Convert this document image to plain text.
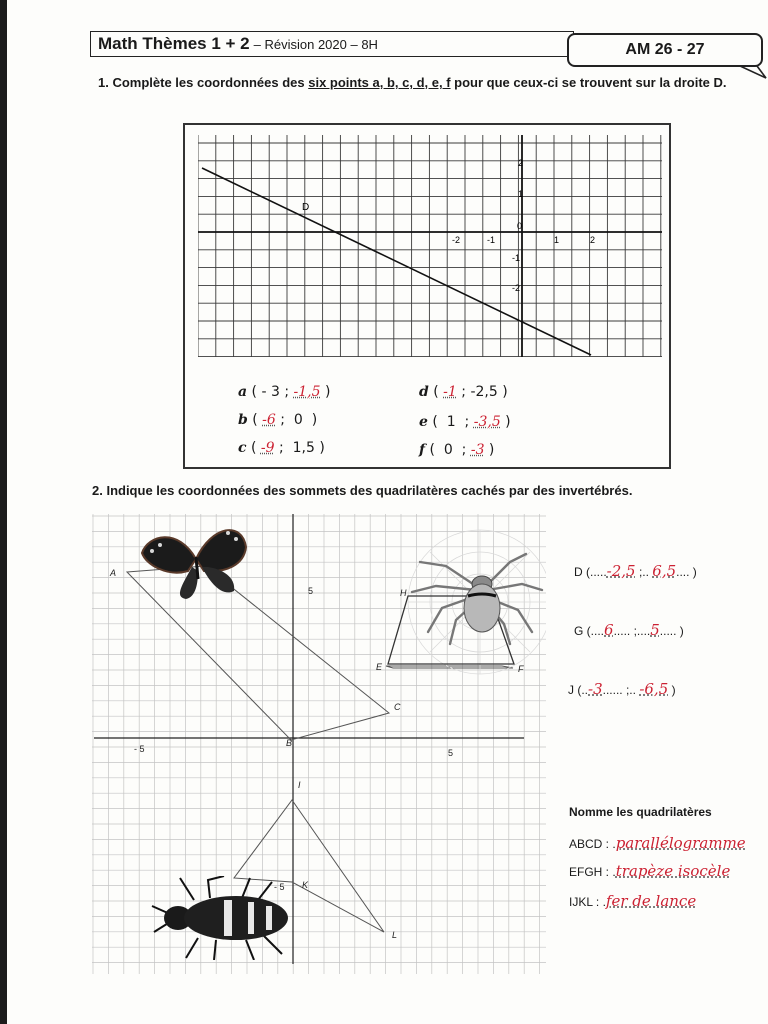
Math Thèmes 1 + 2 – Révision 2020 – 8H	AM 26 - 27
1. Complète les coordonnées des six points a, b, c, d, e, f pour que ceux-ci se trouvent sur la droite D.
D
-2	-1	1	2
0
2
1
-1
-2
a ( - 3 ; -1,5 )
b ( -6 ;  0  )
c ( -9 ;  1,5 )
d ( -1 ; -2,5 )
e (  1  ; -3,5 )
f (  0  ; -3 )
2. Indique les coordonnées des sommets des quadrilatères cachés par des invertébrés.
- 5	5
5
- 5
A
B
C
E	F
H
I
K
L
D (.....-2,5 ;.. 6,5.... )
G (....6..... ;....5..... )
J (..-3...... ;.. -6,5 )
Nomme les quadrilatères
ABCD : .parallélogramme
EFGH : .trapèze isocèle
IJKL : .fer de lance
